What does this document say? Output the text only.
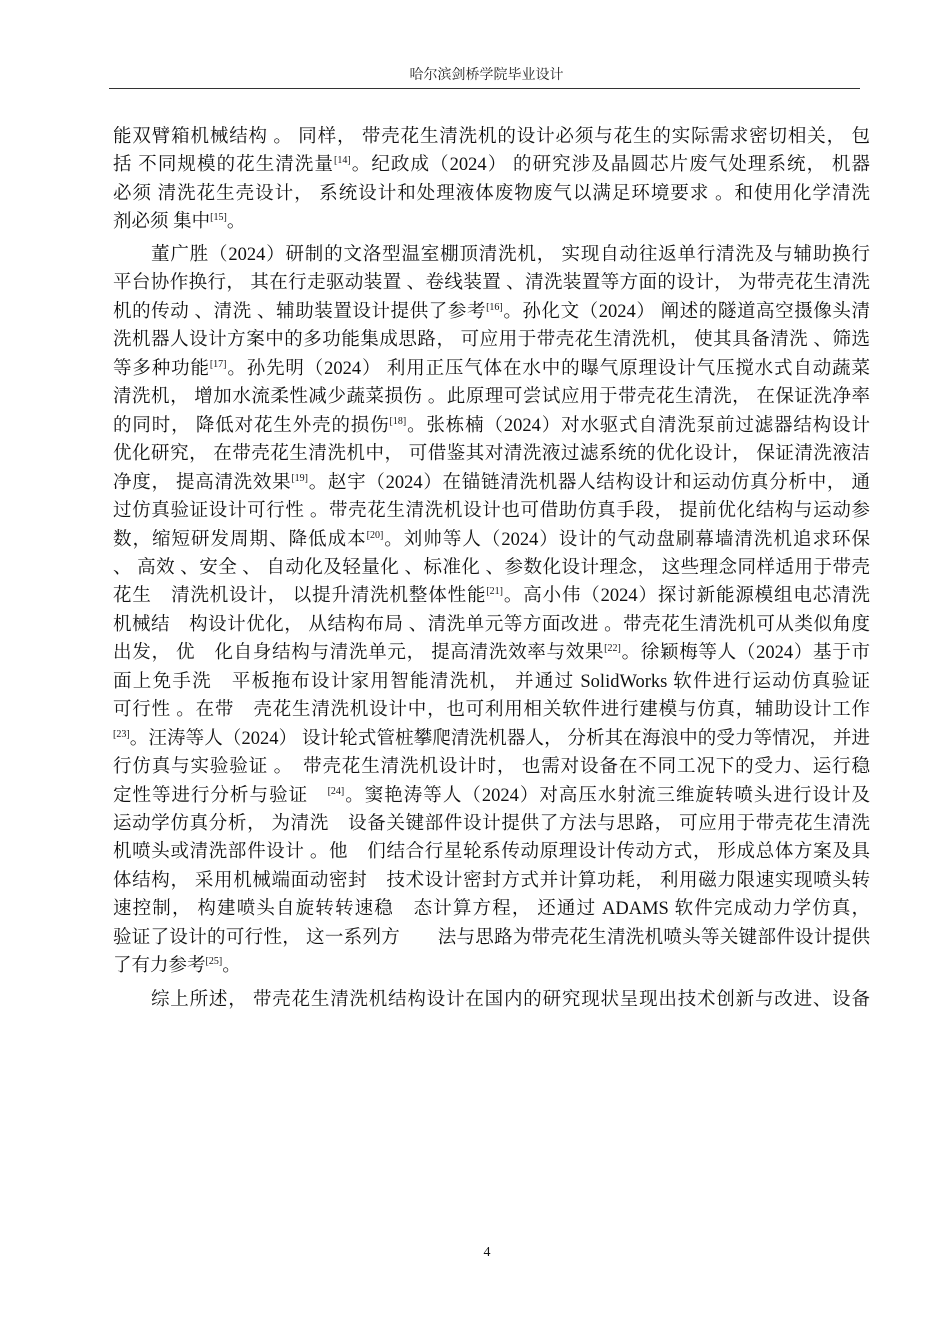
哈尔滨剑桥学院毕业设计
能双臂箱机械结构 。 同样， 带壳花生清洗机的设计必须与花生的实际需求密切相关， 包
括 不同规模的花生清洗量[14]。纪政成（2024） 的研究涉及晶圆芯片废气处理系统， 机器
必须 清洗花生壳设计， 系统设计和处理液体废物废气以满足环境要求 。和使用化学清洗
剂必须 集中[15]。
董广胜（2024）研制的文洛型温室棚顶清洗机， 实现自动往返单行清洗及与辅助换行
平台协作换行， 其在行走驱动装置 、卷线装置 、清洗装置等方面的设计， 为带壳花生清洗
机的传动 、清洗 、辅助装置设计提供了参考[16]。孙化文（2024） 阐述的隧道高空摄像头清
洗机器人设计方案中的多功能集成思路， 可应用于带壳花生清洗机， 使其具备清洗 、筛选
等多种功能[17]。孙先明（2024） 利用正压气体在水中的曝气原理设计气压搅水式自动蔬菜
清洗机， 增加水流柔性减少蔬菜损伤 。此原理可尝试应用于带壳花生清洗， 在保证洗净率
的同时， 降低对花生外壳的损伤[18]。张栋楠（2024）对水驱式自清洗泵前过滤器结构设计
优化研究， 在带壳花生清洗机中， 可借鉴其对清洗液过滤系统的优化设计， 保证清洗液洁
净度， 提高清洗效果[19]。赵宇（2024）在锚链清洗机器人结构设计和运动仿真分析中， 通
过仿真验证设计可行性 。带壳花生清洗机设计也可借助仿真手段， 提前优化结构与运动参
数，缩短研发周期、降低成本[20]。刘帅等人（2024）设计的气动盘刷幕墙清洗机追求环保
、 高效 、安全 、 自动化及轻量化 、标准化 、参数化设计理念， 这些理念同样适用于带壳
花生　清洗机设计， 以提升清洗机整体性能[21]。高小伟（2024）探讨新能源模组电芯清洗
机械结　构设计优化， 从结构布局 、清洗单元等方面改进 。带壳花生清洗机可从类似角度
出发， 优　化自身结构与清洗单元， 提高清洗效率与效果[22]。徐颖梅等人（2024）基于市
面上免手洗　平板拖布设计家用智能清洗机， 并通过 SolidWorks 软件进行运动仿真验证
可行性 。在带　壳花生清洗机设计中，也可利用相关软件进行建模与仿真，辅助设计工作
[23]。汪涛等人（2024） 设计轮式管桩攀爬清洗机器人， 分析其在海浪中的受力等情况， 并进
行仿真与实验验证 。　带壳花生清洗机设计时， 也需对设备在不同工况下的受力、运行稳
定性等进行分析与验证　[24]。窦艳涛等人（2024）对高压水射流三维旋转喷头进行设计及
运动学仿真分析， 为清洗　设备关键部件设计提供了方法与思路， 可应用于带壳花生清洗
机喷头或清洗部件设计 。他　们结合行星轮系传动原理设计传动方式， 形成总体方案及具
体结构， 采用机械端面动密封　技术设计密封方式并计算功耗， 利用磁力限速实现喷头转
速控制， 构建喷头自旋转转速稳　态计算方程， 还通过 ADAMS 软件完成动力学仿真，
验证了设计的可行性， 这一系列方　　法与思路为带壳花生清洗机喷头等关键部件设计提供
了有力参考[25]。
综上所述， 带壳花生清洗机结构设计在国内的研究现状呈现出技术创新与改进、设备
4
